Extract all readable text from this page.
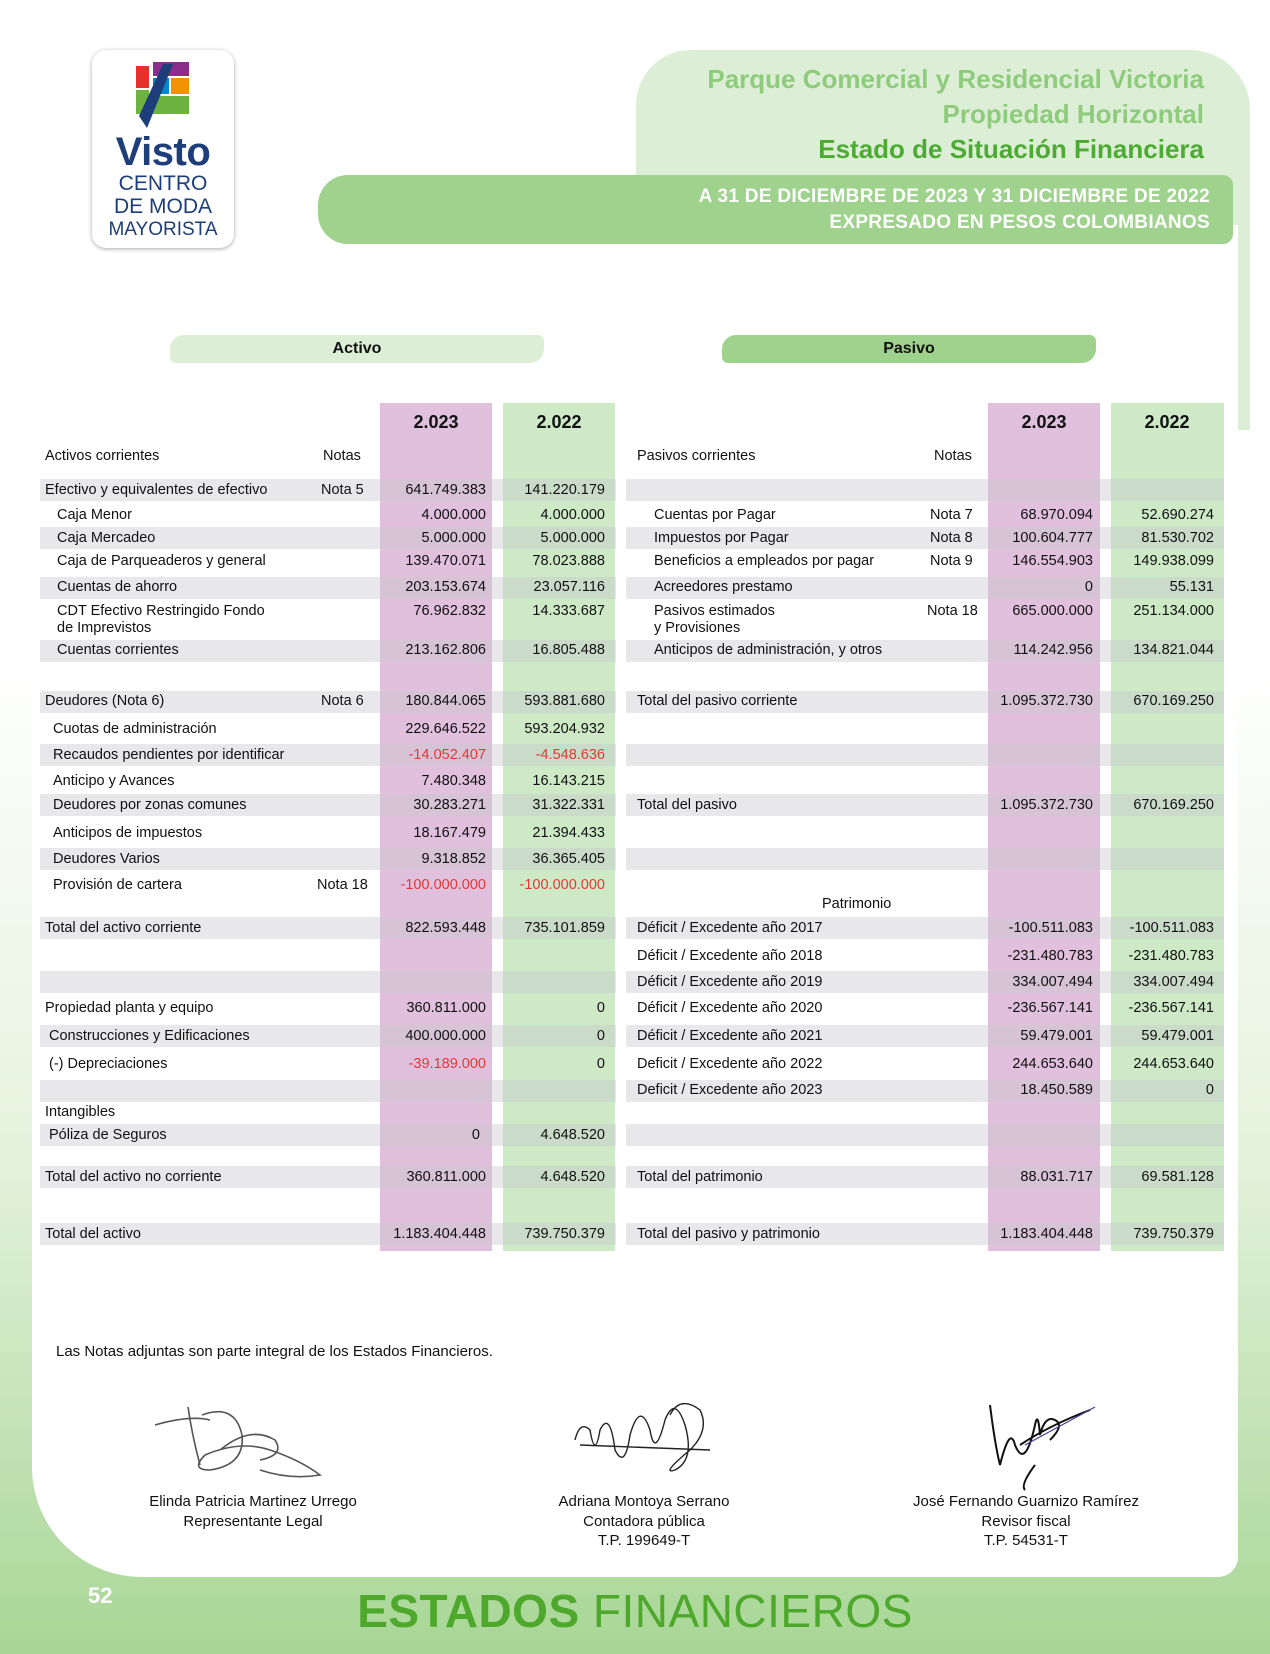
Visto
CENTRO
DE MODA
MAYORISTA
Parque Comercial y Residencial Victoria
Propiedad Horizontal
Estado de Situación Financiera
A 31 DE DICIEMBRE DE 2023 Y 31 DICIEMBRE DE 2022
EXPRESADO EN PESOS COLOMBIANOS
Activo	Pasivo
2.023	2.022	2.023	2.022
Activos corrientes	Notas	Pasivos corrientes	Notas
Efectivo y equivalentes de efectivo	Nota 5	641.749.383	141.220.179
Caja Menor	4.000.000	4.000.000
Caja Mercadeo	5.000.000	5.000.000
Caja de Parqueaderos y general	139.470.071	78.023.888
Cuentas de ahorro	203.153.674	23.057.116
CDT Efectivo Restringido Fondo
de Imprevistos
76.962.832	14.333.687
Cuentas corrientes	213.162.806	16.805.488
Deudores (Nota 6)	Nota 6	180.844.065	593.881.680
Cuotas de administración	229.646.522	593.204.932
Recaudos pendientes por identificar	-14.052.407	-4.548.636
Anticipo y Avances	7.480.348	16.143.215
Deudores por zonas comunes	30.283.271	31.322.331
Anticipos de impuestos	18.167.479	21.394.433
Deudores Varios	9.318.852	36.365.405
Provisión de cartera	Nota 18	-100.000.000	-100.000.000
Total del activo corriente	822.593.448	735.101.859
Propiedad planta y equipo	360.811.000	0
Construcciones y Edificaciones	400.000.000	0
(-) Depreciaciones	-39.189.000	0
Intangibles
Póliza de Seguros	0	4.648.520
Total del activo no corriente	360.811.000	4.648.520
Total del activo	1.183.404.448	739.750.379
Cuentas por Pagar	Nota 7	68.970.094	52.690.274
Impuestos por Pagar	Nota 8	100.604.777	81.530.702
Beneficios a empleados por pagar	Nota 9	146.554.903	149.938.099
Acreedores prestamo	0	55.131
Pasivos estimados
y Provisiones
Nota 18	665.000.000	251.134.000
Anticipos de administración, y otros	114.242.956	134.821.044
Total del pasivo corriente	1.095.372.730	670.169.250
Total del pasivo	1.095.372.730	670.169.250
Patrimonio
Déficit / Excedente año 2017	-100.511.083	-100.511.083
Déficit / Excedente año 2018	-231.480.783	-231.480.783
Déficit / Excedente año 2019	334.007.494	334.007.494
Déficit / Excedente año 2020	-236.567.141	-236.567.141
Déficit / Excedente año 2021	59.479.001	59.479.001
Deficit / Excedente año 2022	244.653.640	244.653.640
Deficit / Excedente año 2023	18.450.589	0
Total del patrimonio	88.031.717	69.581.128
Total del pasivo y patrimonio	1.183.404.448	739.750.379
Las Notas adjuntas son parte integral de los Estados Financieros.
Elinda Patricia Martinez Urrego
Representante Legal
Adriana Montoya Serrano
Contadora pública
T.P. 199649-T
José Fernando Guarnizo Ramírez
Revisor fiscal
T.P. 54531-T
52	ESTADOS FINANCIEROS
